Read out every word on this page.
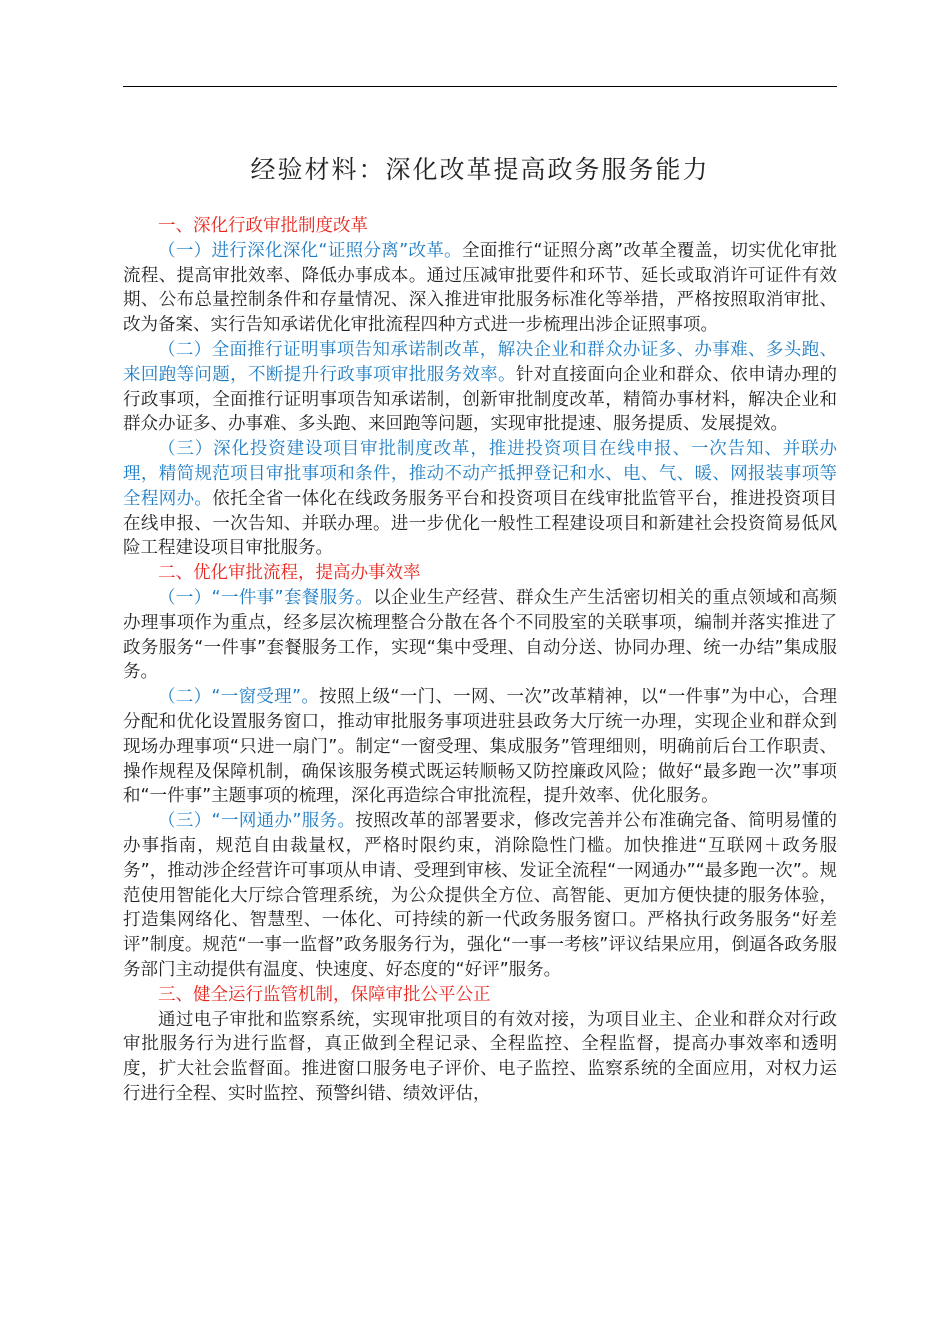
经验材料：深化改革提高政务服务能力

一、深化行政审批制度改革

（一）进行深化深化“证照分离”改革。全面推行“证照分离”改革全覆盖，切实优化审批流程、提高审批效率、降低办事成本。通过压减审批要件和环节、延长或取消许可证件有效期、公布总量控制条件和存量情况、深入推进审批服务标准化等举措，严格按照取消审批、改为备案、实行告知承诺优化审批流程四种方式进一步梳理出涉企证照事项。

（二）全面推行证明事项告知承诺制改革，解决企业和群众办证多、办事难、多头跑、来回跑等问题，不断提升行政事项审批服务效率。针对直接面向企业和群众、依申请办理的行政事项，全面推行证明事项告知承诺制，创新审批制度改革，精简办事材料，解决企业和群众办证多、办事难、多头跑、来回跑等问题，实现审批提速、服务提质、发展提效。

（三）深化投资建设项目审批制度改革，推进投资项目在线申报、一次告知、并联办理，精简规范项目审批事项和条件，推动不动产抵押登记和水、电、气、暖、网报装事项等全程网办。依托全省一体化在线政务服务平台和投资项目在线审批监管平台，推进投资项目在线申报、一次告知、并联办理。进一步优化一般性工程建设项目和新建社会投资简易低风险工程建设项目审批服务。

二、优化审批流程，提高办事效率

（一）“一件事”套餐服务。以企业生产经营、群众生产生活密切相关的重点领域和高频办理事项作为重点，经多层次梳理整合分散在各个不同股室的关联事项，编制并落实推进了政务服务“一件事”套餐服务工作，实现“集中受理、自动分送、协同办理、统一办结”集成服务。

（二）“一窗受理”。按照上级“一门、一网、一次”改革精神，以“一件事”为中心，合理分配和优化设置服务窗口，推动审批服务事项进驻县政务大厅统一办理，实现企业和群众到现场办理事项“只进一扇门”。制定“一窗受理、集成服务”管理细则，明确前后台工作职责、操作规程及保障机制，确保该服务模式既运转顺畅又防控廉政风险；做好“最多跑一次”事项和“一件事”主题事项的梳理，深化再造综合审批流程，提升效率、优化服务。

（三）“一网通办”服务。按照改革的部署要求，修改完善并公布准确完备、简明易懂的办事指南，规范自由裁量权，严格时限约束，消除隐性门槛。加快推进“互联网＋政务服务”，推动涉企经营许可事项从申请、受理到审核、发证全流程“一网通办”“最多跑一次”。规范使用智能化大厅综合管理系统，为公众提供全方位、高智能、更加方便快捷的服务体验，打造集网络化、智慧型、一体化、可持续的新一代政务服务窗口。严格执行政务服务“好差评”制度。规范“一事一监督”政务服务行为，强化“一事一考核”评议结果应用，倒逼各政务服务部门主动提供有温度、快速度、好态度的“好评”服务。

三、健全运行监管机制，保障审批公平公正

通过电子审批和监察系统，实现审批项目的有效对接，为项目业主、企业和群众对行政审批服务行为进行监督，真正做到全程记录、全程监控、全程监督，提高办事效率和透明度，扩大社会监督面。推进窗口服务电子评价、电子监控、监察系统的全面应用，对权力运行进行全程、实时监控、预警纠错、绩效评估，
